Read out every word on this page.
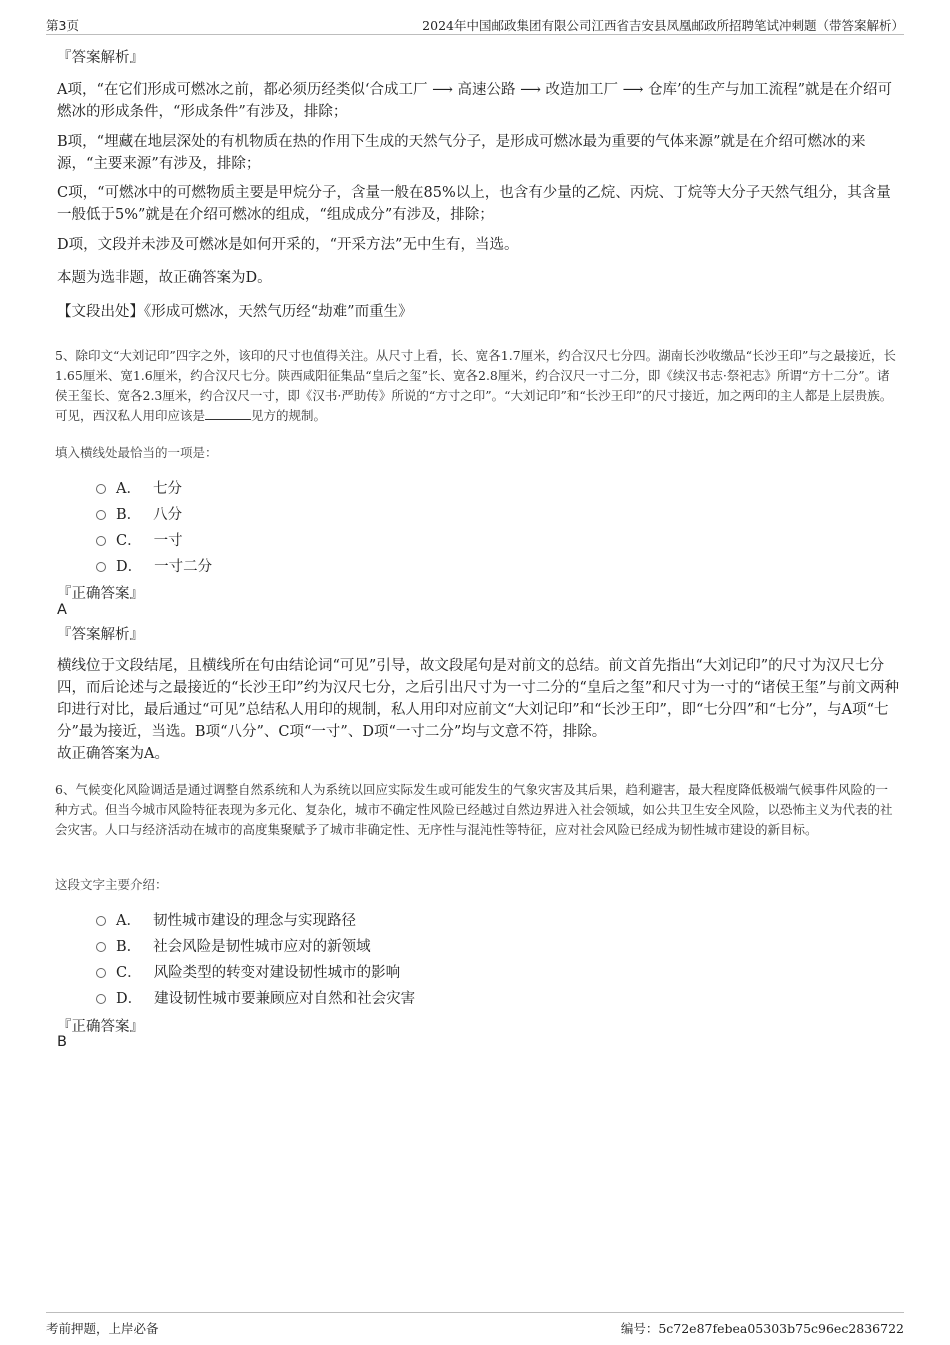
第3页	2024年中国邮政集团有限公司江西省吉安县凤凰邮政所招聘笔试冲刺题（带答案解析）
『答案解析』

A项，“在它们形成可燃冰之前，都必须历经类似‘合成工厂 ⟶ 高速公路 ⟶ 改造加工厂 ⟶ 仓库’的生产与加工流程”就是在介绍可燃冰的形成条件，“形成条件”有涉及，排除；

B项，“埋藏在地层深处的有机物质在热的作用下生成的天然气分子，是形成可燃冰最为重要的气体来源”就是在介绍可燃冰的来源，“主要来源”有涉及，排除；

C项，“可燃冰中的可燃物质主要是甲烷分子，含量一般在85%以上，也含有少量的乙烷、丙烷、丁烷等大分子天然气组分，其含量一般低于5%”就是在介绍可燃冰的组成，“组成成分”有涉及，排除；

D项，文段并未涉及可燃冰是如何开采的，“开采方法”无中生有，当选。

本题为选非题，故正确答案为D。

【文段出处】《形成可燃冰，天然气历经“劫难”而重生》

5、除印文“大刘记印”四字之外，该印的尺寸也值得关注。从尺寸上看，长、宽各1.7厘米，约合汉尺七分四。湖南长沙收缴品“长沙王印”与之最接近，长1.65厘米、宽1.6厘米，约合汉尺七分。陕西咸阳征集品“皇后之玺”长、宽各2.8厘米，约合汉尺一寸二分，即《续汉书志·祭祀志》所谓“方十二分”。诸侯王玺长、宽各2.3厘米，约合汉尺一寸，即《汉书·严助传》所说的“方寸之印”。“大刘记印”和“长沙王印”的尺寸接近，加之两印的主人都是上层贵族。可见，西汉私人用印应该是	见方的规制。

填入横线处最恰当的一项是：

A． 七分
B． 八分
C． 一寸
D． 一寸二分
『正确答案』
A
『答案解析』

横线位于文段结尾，且横线所在句由结论词“可见”引导，故文段尾句是对前文的总结。前文首先指出“大刘记印”的尺寸为汉尺七分四，而后论述与之最接近的“长沙王印”约为汉尺七分，之后引出尺寸为一寸二分的“皇后之玺”和尺寸为一寸的“诸侯王玺”与前文两种印进行对比，最后通过“可见”总结私人用印的规制，私人用印对应前文“大刘记印”和“长沙王印”，即“七分四”和“七分”，与A项“七分”最为接近，当选。B项“八分”、C项“一寸”、D项“一寸二分”均与文意不符，排除。

故正确答案为A。

6、气候变化风险调适是通过调整自然系统和人为系统以回应实际发生或可能发生的气象灾害及其后果，趋利避害，最大程度降低极端气候事件风险的一种方式。但当今城市风险特征表现为多元化、复杂化，城市不确定性风险已经越过自然边界进入社会领域，如公共卫生安全风险，以恐怖主义为代表的社会灾害。人口与经济活动在城市的高度集聚赋予了城市非确定性、无序性与混沌性等特征，应对社会风险已经成为韧性城市建设的新目标。

这段文字主要介绍：

A． 韧性城市建设的理念与实现路径
B． 社会风险是韧性城市应对的新领域
C． 风险类型的转变对建设韧性城市的影响
D． 建设韧性城市要兼顾应对自然和社会灾害
『正确答案』
B
考前押题，上岸必备	编号：5c72e87febea05303b75c96ec2836722
